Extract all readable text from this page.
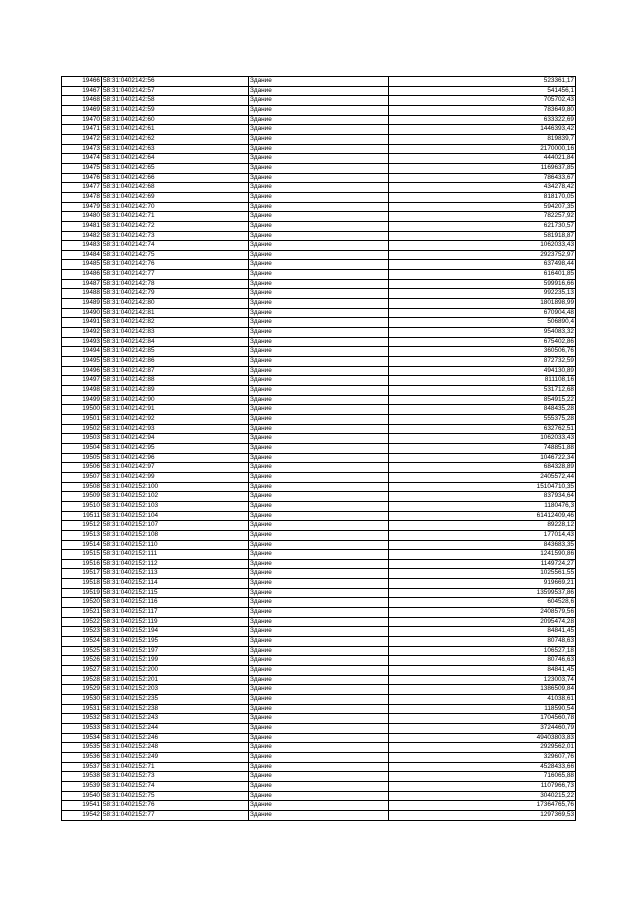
19466	58:31:0402142:56	Здание	523361,17
19467	58:31:0402142:57	Здание	541456,1
19468	58:31:0402142:58	Здание	705702,43
19469	58:31:0402142:59	Здание	783649,80
19470	58:31:0402142:60	Здание	633322,69
19471	58:31:0402142:61	Здание	1446393,42
19472	58:31:0402142:62	Здание	819839,7
19473	58:31:0402142:63	Здание	2170000,16
19474	58:31:0402142:64	Здание	444021,84
19475	58:31:0402142:65	Здание	1169637,85
19476	58:31:0402142:66	Здание	786433,67
19477	58:31:0402142:68	Здание	434278,42
19478	58:31:0402142:69	Здание	818170,05
19479	58:31:0402142:70	Здание	594207,35
19480	58:31:0402142:71	Здание	782257,92
19481	58:31:0402142:72	Здание	621730,57
19482	58:31:0402142:73	Здание	581918,87
19483	58:31:0402142:74	Здание	1062033,43
19484	58:31:0402142:75	Здание	2923752,97
19485	58:31:0402142:76	Здание	637498,44
19486	58:31:0402142:77	Здание	616401,85
19487	58:31:0402142:78	Здание	599916,66
19488	58:31:0402142:79	Здание	992235,13
19489	58:31:0402142:80	Здание	1801898,99
19490	58:31:0402142:81	Здание	670904,48
19491	58:31:0402142:82	Здание	506890,4
19492	58:31:0402142:83	Здание	954083,32
19493	58:31:0402142:84	Здание	675402,86
19494	58:31:0402142:85	Здание	360506,76
19495	58:31:0402142:86	Здание	872732,59
19496	58:31:0402142:87	Здание	494130,89
19497	58:31:0402142:88	Здание	811108,16
19498	58:31:0402142:89	Здание	531712,68
19499	58:31:0402142:90	Здание	854915,22
19500	58:31:0402142:91	Здание	848435,28
19501	58:31:0402142:92	Здание	555375,28
19502	58:31:0402142:93	Здание	632762,51
19503	58:31:0402142:94	Здание	1062033,43
19504	58:31:0402142:95	Здание	748851,88
19505	58:31:0402142:96	Здание	1046722,34
19506	58:31:0402142:97	Здание	684328,89
19507	58:31:0402142:99	Здание	2405572,44
19508	58:31:0402152:100	Здание	15104710,35
19509	58:31:0402152:102	Здание	837934,64
19510	58:31:0402152:103	Здание	1180476,3
19511	58:31:0402152:104	Здание	61412409,46
19512	58:31:0402152:107	Здание	89228,12
19513	58:31:0402152:108	Здание	177014,43
19514	58:31:0402152:110	Здание	843683,35
19515	58:31:0402152:111	Здание	1241590,86
19516	58:31:0402152:112	Здание	1149724,27
19517	58:31:0402152:113	Здание	1025561,55
19518	58:31:0402152:114	Здание	919669,21
19519	58:31:0402152:115	Здание	13599537,86
19520	58:31:0402152:116	Здание	604528,6
19521	58:31:0402152:117	Здание	2408579,56
19522	58:31:0402152:119	Здание	2095474,28
19523	58:31:0402152:194	Здание	84841,45
19524	58:31:0402152:195	Здание	80748,63
19525	58:31:0402152:197	Здание	106527,18
19526	58:31:0402152:199	Здание	80746,63
19527	58:31:0402152:200	Здание	84841,45
19528	58:31:0402152:201	Здание	123003,74
19529	58:31:0402152:203	Здание	1386509,84
19530	58:31:0402152:235	Здание	41038,61
19531	58:31:0402152:238	Здание	118590,54
19532	58:31:0402152:243	Здание	1704560,78
19533	58:31:0402152:244	Здание	3724460,79
19534	58:31:0402152:246	Здание	49403803,83
19535	58:31:0402152:248	Здание	2929562,01
19536	58:31:0402152:249	Здание	329607,76
19537	58:31:0402152:71	Здание	4528433,66
19538	58:31:0402152:73	Здание	716065,88
19539	58:31:0402152:74	Здание	1107966,73
19540	58:31:0402152:75	Здание	3040215,22
19541	58:31:0402152:76	Здание	17364765,76
19542	58:31:0402152:77	Здание	1297369,53
